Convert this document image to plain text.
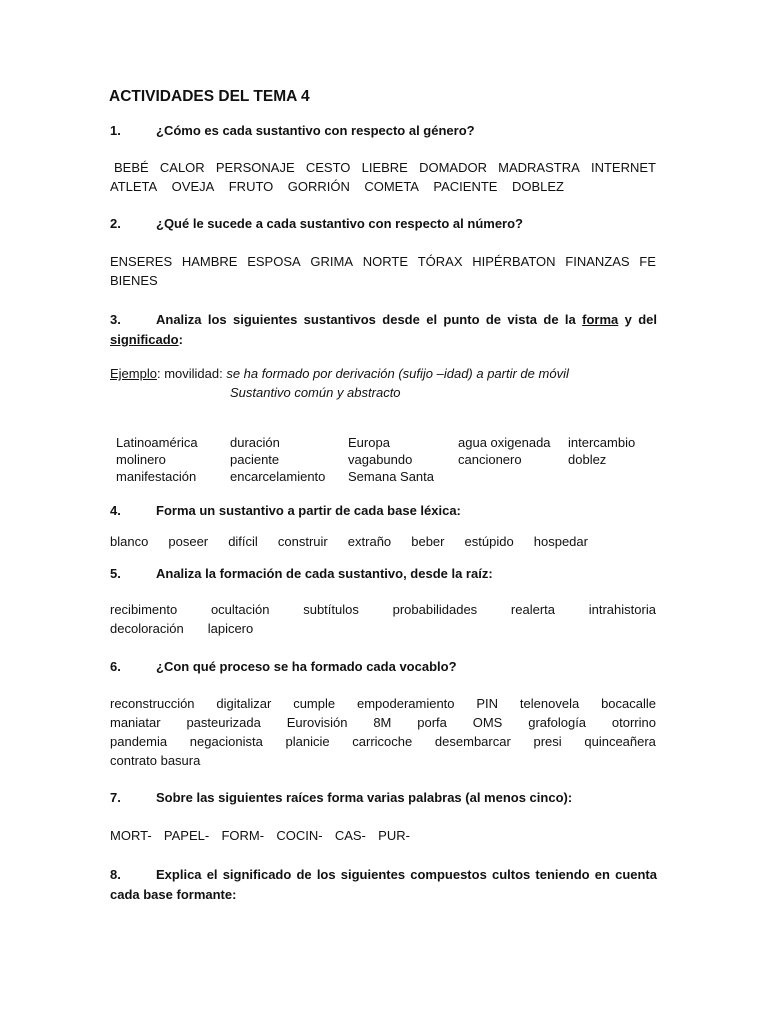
ACTIVIDADES DEL TEMA 4
1.	¿Cómo es cada sustantivo con respecto al género?
BEBÉ CALOR PERSONAJE CESTO LIEBRE DOMADOR MADRASTRA INTERNET
ATLETA OVEJA FRUTO GORRIÓN COMETA PACIENTE DOBLEZ
2.	¿Qué le sucede a cada sustantivo con respecto al número?
ENSERES HAMBRE ESPOSA GRIMA NORTE TÓRAX HIPÉRBATON FINANZAS FE
BIENES
3.	Analiza los siguientes sustantivos desde el punto de vista de la forma y del significado:
Ejemplo: movilidad: se ha formado por derivación (sufijo –idad) a partir de móvil
Sustantivo común y abstracto
Latinoamérica	duración	Europa	agua oxigenada	intercambio
molinero	paciente	vagabundo	cancionero	doblez
manifestación	encarcelamiento	Semana Santa
4.	Forma un sustantivo a partir de cada base léxica:
blanco poseer difícil construir extraño beber estúpido hospedar
5.	Analiza la formación de cada sustantivo, desde la raíz:
recibimento	ocultación	subtítulos	probabilidades	realerta	intrahistoria
decoloración lapicero
6.	¿Con qué proceso se ha formado cada vocablo?
reconstrucción digitalizar cumple empoderamiento PIN telenovela bocacalle
maniatar pasteurizada Eurovisión 8M porfa OMS grafología otorrino
pandemia negacionista planicie carricoche desembarcar presi quinceañera
contrato basura
7.	Sobre las siguientes raíces forma varias palabras (al menos cinco):
MORT- PAPEL- FORM- COCIN- CAS- PUR-
8.	Explica el significado de los siguientes compuestos cultos teniendo en cuenta cada base formante:
